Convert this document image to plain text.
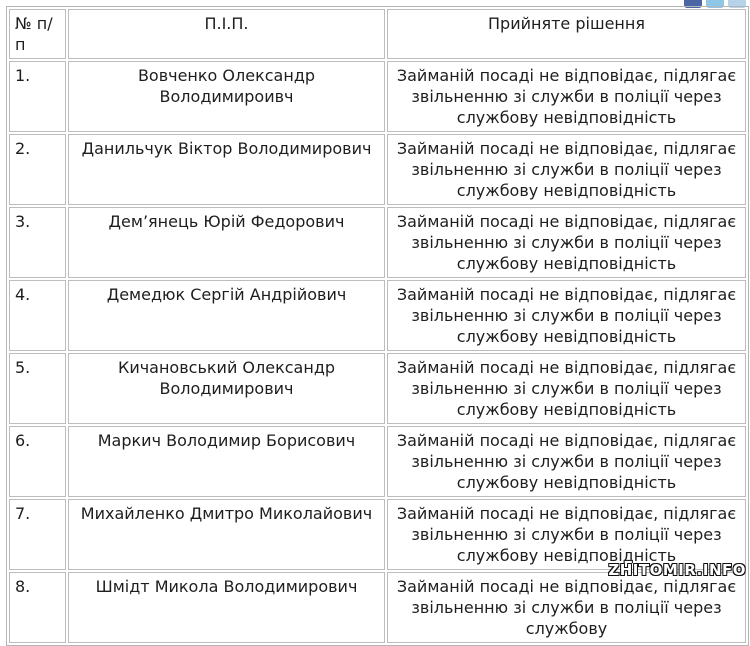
№ п/п	П.І.П.	Прийняте рішення
1.	Вовченко Олександр Володимироивч	Займаній посаді не відповідає, підлягає звільненню зі служби в поліції через службову невідповідність
2.	Данильчук Віктор Володимирович	Займаній посаді не відповідає, підлягає звільненню зі служби в поліції через службову невідповідність
3.	Дем’янець Юрій Федорович	Займаній посаді не відповідає, підлягає звільненню зі служби в поліції через службову невідповідність
4.	Демедюк Сергій Андрійович	Займаній посаді не відповідає, підлягає звільненню зі служби в поліції через службову невідповідність
5.	Кичановський Олександр Володимирович	Займаній посаді не відповідає, підлягає звільненню зі служби в поліції через службову невідповідність
6.	Маркич Володимир Борисович	Займаній посаді не відповідає, підлягає звільненню зі служби в поліції через службову невідповідність
7.	Михайленко Дмитро Миколайович	Займаній посаді не відповідає, підлягає звільненню зі служби в поліції через службову невідповідність
8.	Шмідт Микола Володимирович	Займаній посаді не відповідає, підлягає звільненню зі служби в поліції через службову
ZHITOMIR.INFO
